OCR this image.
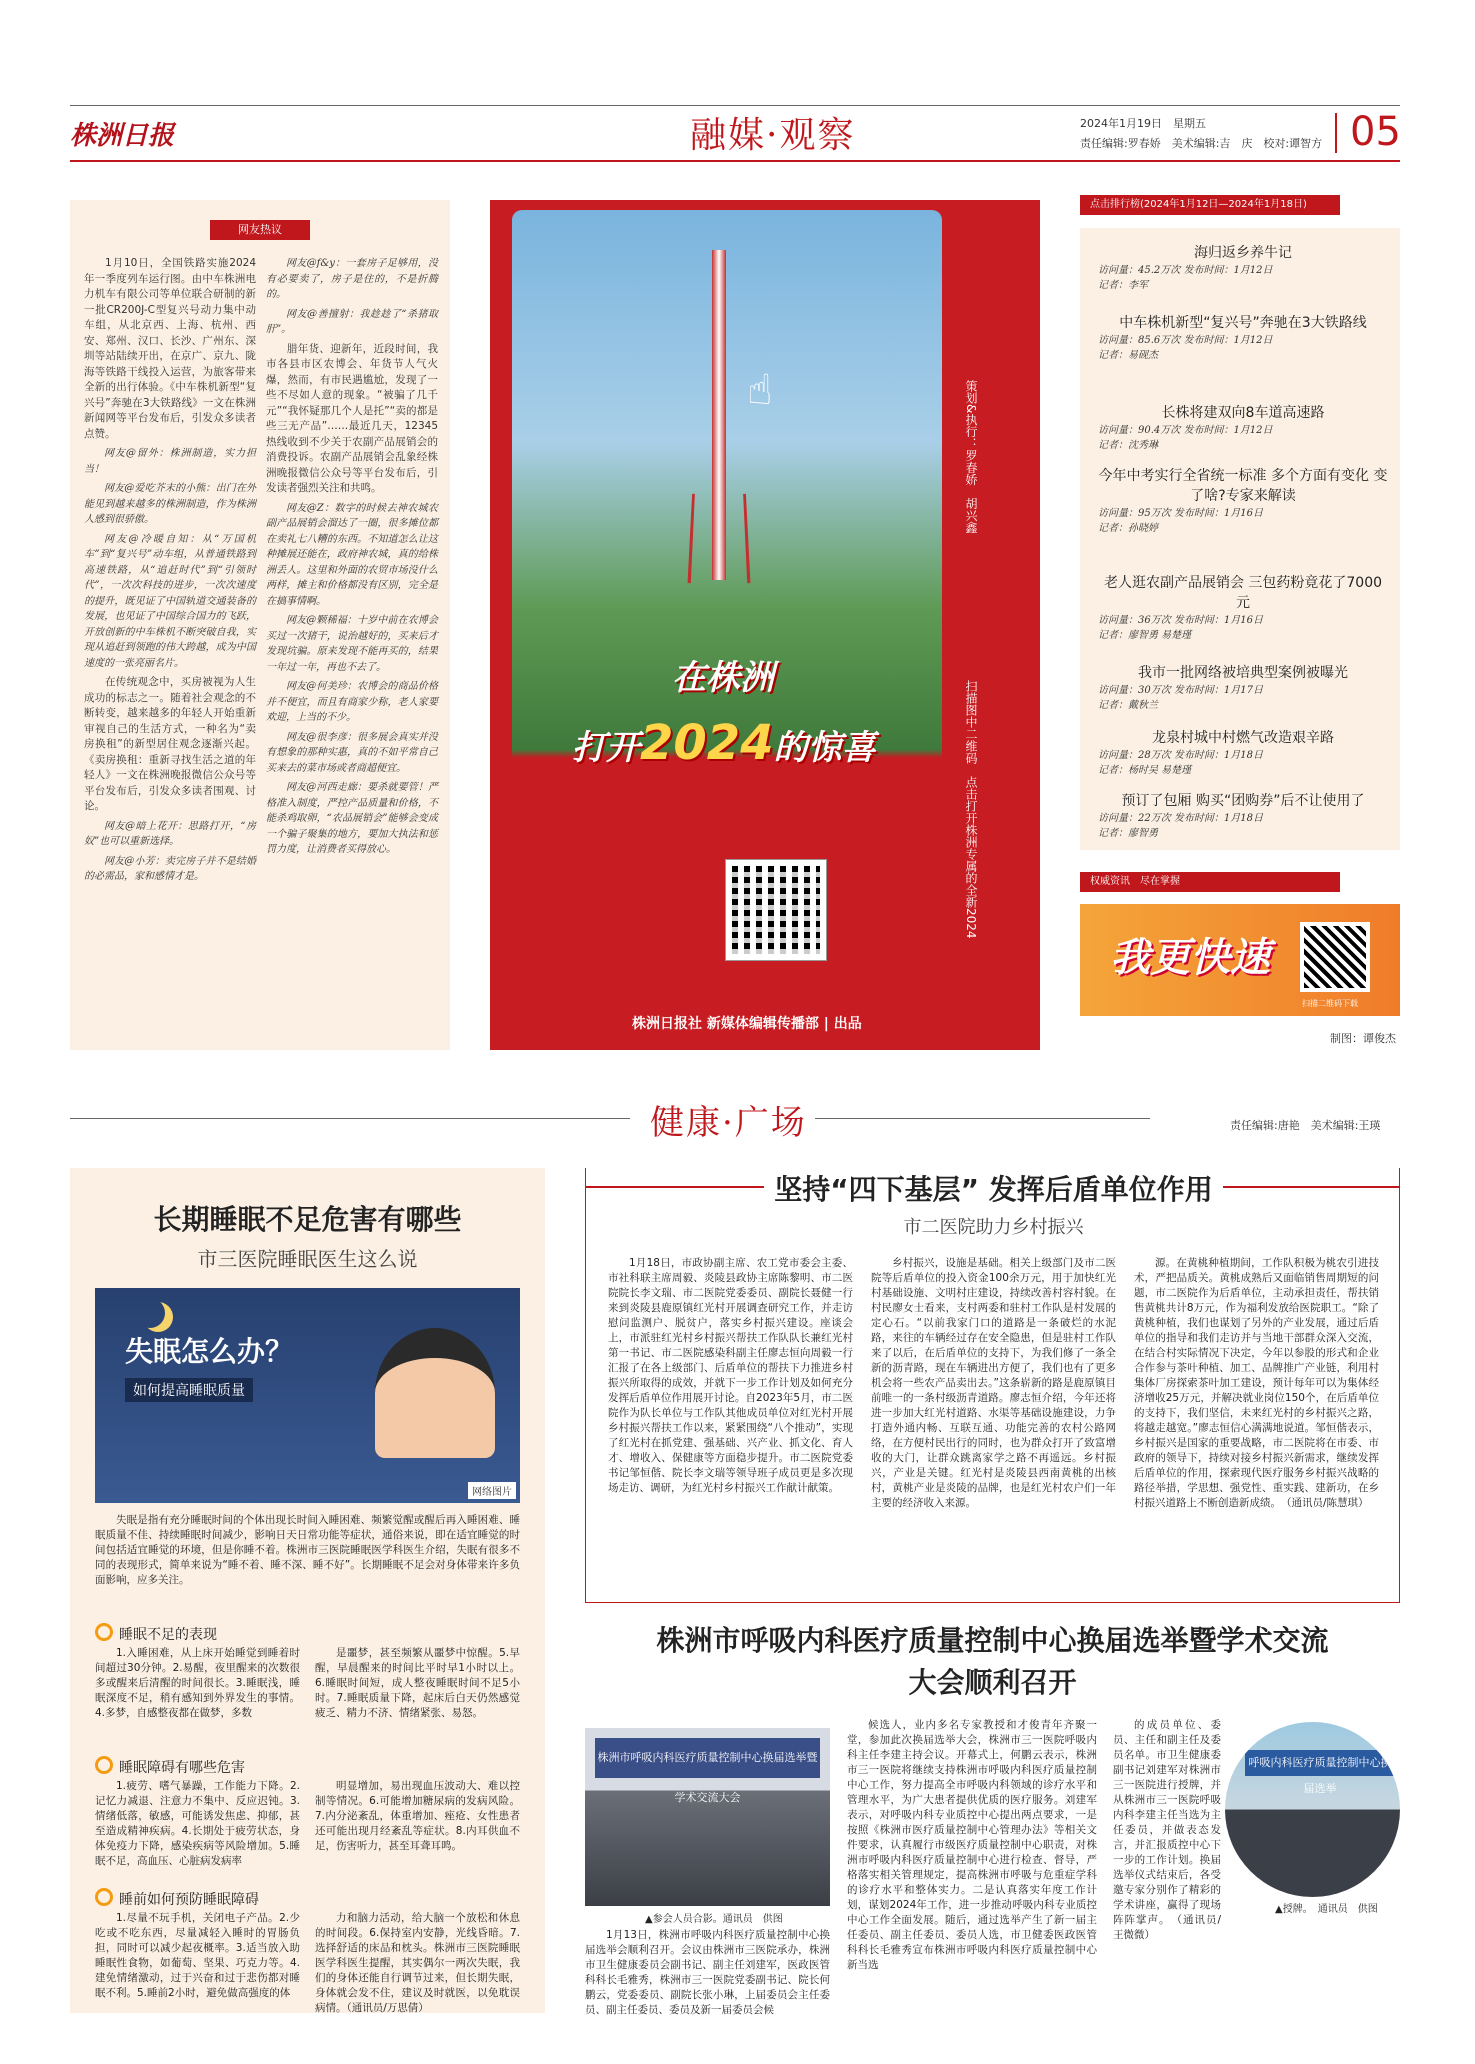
株洲日报	融媒·观察	2024年1月19日　星期五
责任编辑:罗春娇　美术编辑:吉　庆　校对:谭智方 05
网友热议

1月10日，全国铁路实施2024年一季度列车运行图。由中车株洲电力机车有限公司等单位联合研制的新一批CR200J-C型复兴号动力集中动车组，从北京西、上海、杭州、西安、郑州、汉口、长沙、广州东、深圳等站陆续开出，在京广、京九、陇海等铁路干线投入运营，为旅客带来全新的出行体验。《中车株机新型“复兴号”奔驰在3大铁路线》一文在株洲新闻网等平台发布后，引发众多读者点赞。

网友@留外：株洲制造，实力担当！

网友@爱吃芥末的小熊：出门在外能见到越来越多的株洲制造，作为株洲人感到很骄傲。

网友@冷暖自知：从“万国机车”到“复兴号”动车组，从普通铁路到高速铁路，从“追赶时代”到“引领时代”，一次次科技的进步，一次次速度的提升，既见证了中国轨道交通装备的发展，也见证了中国综合国力的飞跃，开放创新的中车株机不断突破自我，实现从追赶到领跑的伟大跨越，成为中国速度的一张亮丽名片。

在传统观念中，买房被视为人生成功的标志之一。随着社会观念的不断转变，越来越多的年轻人开始重新审视自己的生活方式，一种名为“卖房换租”的新型居住观念逐渐兴起。《卖房换租：重新寻找生活之道的年轻人》一文在株洲晚报微信公众号等平台发布后，引发众多读者围观、讨论。

网友@暗上花开：思路打开，“房奴”也可以重新选择。

网友@小芳：卖完房子并不是结婚的必需品，家和感情才是。

网友@f&y：一套房子足够用，没有必要卖了，房子是住的，不是折腾的。

网友@善擅射：我趁趁了“杀猪取肝”。

腊年货、迎新年，近段时间，我市各县市区农博会、年货节人气火爆，然而，有市民遇尴尬，发现了一些不尽如人意的现象。“被骗了几千元”“我怀疑那几个人是托”“卖的都是些三无产品”……最近几天，12345热线收到不少关于农副产品展销会的消费投诉。农副产品展销会乱象经株洲晚报微信公众号等平台发布后，引发读者强烈关注和共鸣。

网友@Z：数字的时候去神农城农副产品展销会溜达了一圈，很多摊位都在卖礼七八糟的东西。不知道怎么让这种摊展还能在，政府神农城，真的给株洲丢人。这里和外面的农贸市场没什么两样，摊主和价格都没有区别，完全是在搞事情啊。

网友@颗稀福：十岁中前在农博会买过一次猪干，说治越好的，买来后才发现坑骗。原来发现不能再买的，结果一年过一年，再也不去了。

网友@何美珍：农博会的商品价格并不便宜，而且有商家少称，老人家要欢迎，上当的不少。

网友@很李彦：很多展会真实并没有想象的那种实惠，真的不如平常自己买来去的菜市场或者商超便宜。

网友@河西走廊：要杀就要管！严格准入制度，严控产品质量和价格，不能杀鸡取卵，“农品展销会”能够会变成一个骗子聚集的地方，要加大执法和惩罚力度，让消费者买得放心。

☝
在株洲
打开2024的惊喜
株洲日报社 新媒体编辑传播部 | 出品
策划&执行：罗春娇　胡兴鑫
扫描图中二维码　点击打开株洲专属的全新2024
点击排行榜(2024年1月12日—2024年1月18日)
海归返乡养牛记
访问量：45.2万次 发布时间：1月12日
记者：李军
中车株机新型“复兴号”奔驰在3大铁路线
访问量：85.6万次 发布时间：1月12日
记者：易砚杰
长株将建双向8车道高速路
访问量：90.4万次 发布时间：1月12日
记者：沈秀琳
今年中考实行全省统一标准 多个方面有变化 变了啥?专家来解读
访问量：95万次 发布时间：1月16日
记者：孙晓婷
老人逛农副产品展销会 三包药粉竟花了7000元
访问量：36万次 发布时间：1月16日
记者：廖智勇 易楚瑾
我市一批网络被培典型案例被曝光
访问量：30万次 发布时间：1月17日
记者：戴秋兰
龙泉村城中村燃气改造艰辛路
访问量：28万次 发布时间：1月18日
记者：杨时吴 易楚瑾
预订了包厢 购买“团购券”后不让使用了
访问量：22万次 发布时间：1月18日
记者：廖智勇
权威资讯　尽在掌握
我更快速
扫描二维码下载
制图：谭俊杰
健康·广场	责任编辑:唐艳　美术编辑:王瑛
长期睡眠不足危害有哪些
市三医院睡眠医生这么说
失眠怎么办？
如何提高睡眠质量
网络图片
失眠是指有充分睡眠时间的个体出现长时间入睡困难、频繁觉醒或醒后再入睡困难、睡眠质量不佳、持续睡眠时间减少，影响日天日常功能等症状，通俗来说，即在适宜睡觉的时间包括适宜睡觉的环境，但是你睡不着。株洲市三医院睡眠医学科医生介绍，失眠有很多不同的表现形式，简单来说为“睡不着、睡不深、睡不好”。长期睡眠不足会对身体带来许多负面影响，应多关注。
睡眠不足的表现

1.入睡困难，从上床开始睡觉到睡着时间超过30分钟。2.易醒，夜里醒来的次数很多或醒来后清醒的时间很长。3.睡眠浅，睡眠深度不足，稍有感知到外界发生的事情。4.多梦，自感整夜都在做梦，多数

是噩梦，甚至频繁从噩梦中惊醒。5.早醒，早晨醒来的时间比平时早1小时以上。6.睡眠时间短，成人整夜睡眠时间不足5小时。7.睡眠质量下降，起床后白天仍然感觉疲乏、精力不济、情绪紧张、易怒。

睡眠障碍有哪些危害

1.疲劳、嗜气暴躁，工作能力下降。2.记忆力减退、注意力不集中、反应迟钝。3.情绪低落，敏感，可能诱发焦虑、抑郁，甚至造成精神疾病。4.长期处于疲劳状态，身体免疫力下降，感染疾病等风险增加。5.睡眠不足，高血压、心脏病发病率

明显增加，易出现血压波动大、难以控制等情况。6.可能增加糖尿病的发病风险。7.内分泌紊乱，体重增加、痤疮、女性患者还可能出现月经紊乱等症状。8.内耳供血不足，伤害听力，甚至耳聋耳鸣。

睡前如何预防睡眠障碍

1.尽量不玩手机，关闭电子产品。2.少吃或不吃东西，尽量减轻入睡时的胃肠负担，同时可以减少起夜概率。3.适当放入助睡眠性食物，如葡萄、坚果、巧克力等。4.建免情绪激动，过于兴奋和过于悲伤都对睡眠不利。5.睡前2小时，避免做高强度的体

力和脑力活动，给大脑一个放松和休息的时间段。6.保持室内安静，光线昏暗。7.选择舒适的床品和枕头。株洲市三医院睡眠医学科医生提醒，其实偶尔一两次失眠，我们的身体还能自行调节过来，但长期失眠，身体就会发不住，建议及时就医，以免耽误病情。（通讯员/万思倩）

坚持“四下基层” 发挥后盾单位作用
市二医院助力乡村振兴

1月18日，市政协副主席、农工党市委会主委、市社科联主席周毅、炎陵县政协主席陈黎明、市二医院院长李文瑞、市二医院党委委员、副院长聂健一行来到炎陵县鹿原镇红光村开展调查研究工作，并走访慰问监测户、脱贫户，落实乡村振兴建设。座谈会上，市派驻红光村乡村振兴帮扶工作队队长兼红光村第一书记、市二医院感染科副主任廖志恒向周毅一行汇报了在各上级部门、后盾单位的帮扶下力推进乡村振兴所取得的成效，并就下一步工作计划及如何充分发挥后盾单位作用展开讨论。自2023年5月，市二医院作为队长单位与工作队其他成员单位对红光村开展乡村振兴帮扶工作以来，紧紧围绕“八个推动”，实现了红光村在抓党建、强基础、兴产业、抓文化、育人才、增收入、保健康等方面稳步提升。市二医院党委书记邹恒偕、院长李文瑞等领导班子成员更是多次现场走访、调研，为红光村乡村振兴工作献计献策。

乡村振兴，设施是基础。相关上级部门及市二医院等后盾单位的投入资金100余万元，用于加快红光村基础设施、文明村庄建设，持续改善村容村貌。在村民廖女士看来，支村两委和驻村工作队是村发展的定心石。“以前我家门口的道路是一条破烂的水泥路，来往的车辆经过存在安全隐患，但是驻村工作队来了以后，在后盾单位的支持下，为我们修了一条全新的沥青路，现在车辆进出方便了，我们也有了更多机会将一些农产品卖出去。”这条崭新的路是鹿原镇目前唯一的一条村级沥青道路。廖志恒介绍，今年还将进一步加大红光村道路、水渠等基础设施建设，力争打造外通内畅、互联互通、功能完善的农村公路网络，在方便村民出行的同时，也为群众打开了致富增收的大门，让群众跳离家学之路不再遥远。乡村振兴，产业是关键。红光村是炎陵县西南黄桃的出核村，黄桃产业是炎陵的品牌，也是红光村农户们一年主要的经济收入来源。

源。在黄桃种植期间，工作队积极为桃农引进技术，严把品质关。黄桃成熟后又面临销售周期短的问题，市二医院作为后盾单位，主动承担责任，帮扶销售黄桃共计8万元，作为福利发放给医院职工。“除了黄桃种植，我们也谋划了另外的产业发展，通过后盾单位的指导和我们走访并与当地干部群众深入交流，在结合村实际情况下决定，今年以参股的形式和企业合作参与茶叶种植、加工、品牌推广产业链，利用村集体厂房探索茶叶加工建设，预计每年可以为集体经济增收25万元，并解决就业岗位150个，在后盾单位的支持下，我们坚信，未来红光村的乡村振兴之路，将越走越宽。”廖志恒信心满满地说道。邹恒偕表示，乡村振兴是国家的重要战略，市二医院将在市委、市政府的领导下，持续对接乡村振兴新需求，继续发挥后盾单位的作用，探索现代医疗服务乡村振兴战略的路径举措，学思想、强党性、重实践、建新功，在乡村振兴道路上不断创造新成绩。　（通讯员/陈慧琪）

株洲市呼吸内科医疗质量控制中心换届选举暨学术交流大会顺利召开
株洲市呼吸内科医疗质量控制中心换届选举暨学术交流大会
▲参会人员合影。通讯员　供图

1月13日，株洲市呼吸内科医疗质量控制中心换届选举会顺利召开。会议由株洲市三医院承办，株洲市卫生健康委员会副书记、副主任刘建军，医政医管科科长毛雅秀，株洲市三一医院党委副书记、院长何鹏云，党委委员、副院长张小琳，上届委员会主任委员、副主任委员、委员及新一届委员会候

候选人，业内多名专家教授和才俊青年齐聚一堂，参加此次换届选举大会，株洲市三一医院呼吸内科主任李建主持会议。开幕式上，何鹏云表示，株洲市三一医院将继续支持株洲市呼吸内科医疗质量控制中心工作，努力提高全市呼吸内科领域的诊疗水平和管理水平，为广大患者提供优质的医疗服务。刘建军表示，对呼吸内科专业质控中心提出两点要求，一是按照《株洲市医疗质量控制中心管理办法》等相关文件要求，认真履行市级医疗质量控制中心职责，对株洲市呼吸内科医疗质量控制中心进行检查、督导，严格落实相关管理规定，提高株洲市呼吸与危重症学科的诊疗水平和整体实力。二是认真落实年度工作计划，谋划2024年工作，进一步推动呼吸内科专业质控中心工作全面发展。随后，通过选举产生了新一届主任委员、副主任委员、委员人选，市卫健委医政医管科科长毛雅秀宣布株洲市呼吸内科医疗质量控制中心新当选

的成员单位、委员、主任和副主任及委员名单。市卫生健康委副书记刘建军对株洲市三一医院进行授牌，并从株洲市三一医院呼吸内科李建主任当选为主任委员，并做表态发言，并汇报质控中心下一步的工作计划。换届选举仪式结束后，各受邀专家分别作了精彩的学术讲座，赢得了现场阵阵掌声。　（通讯员/王微微）

呼吸内科医疗质量控制中心换届选举
▲授牌。　通讯员　供图
